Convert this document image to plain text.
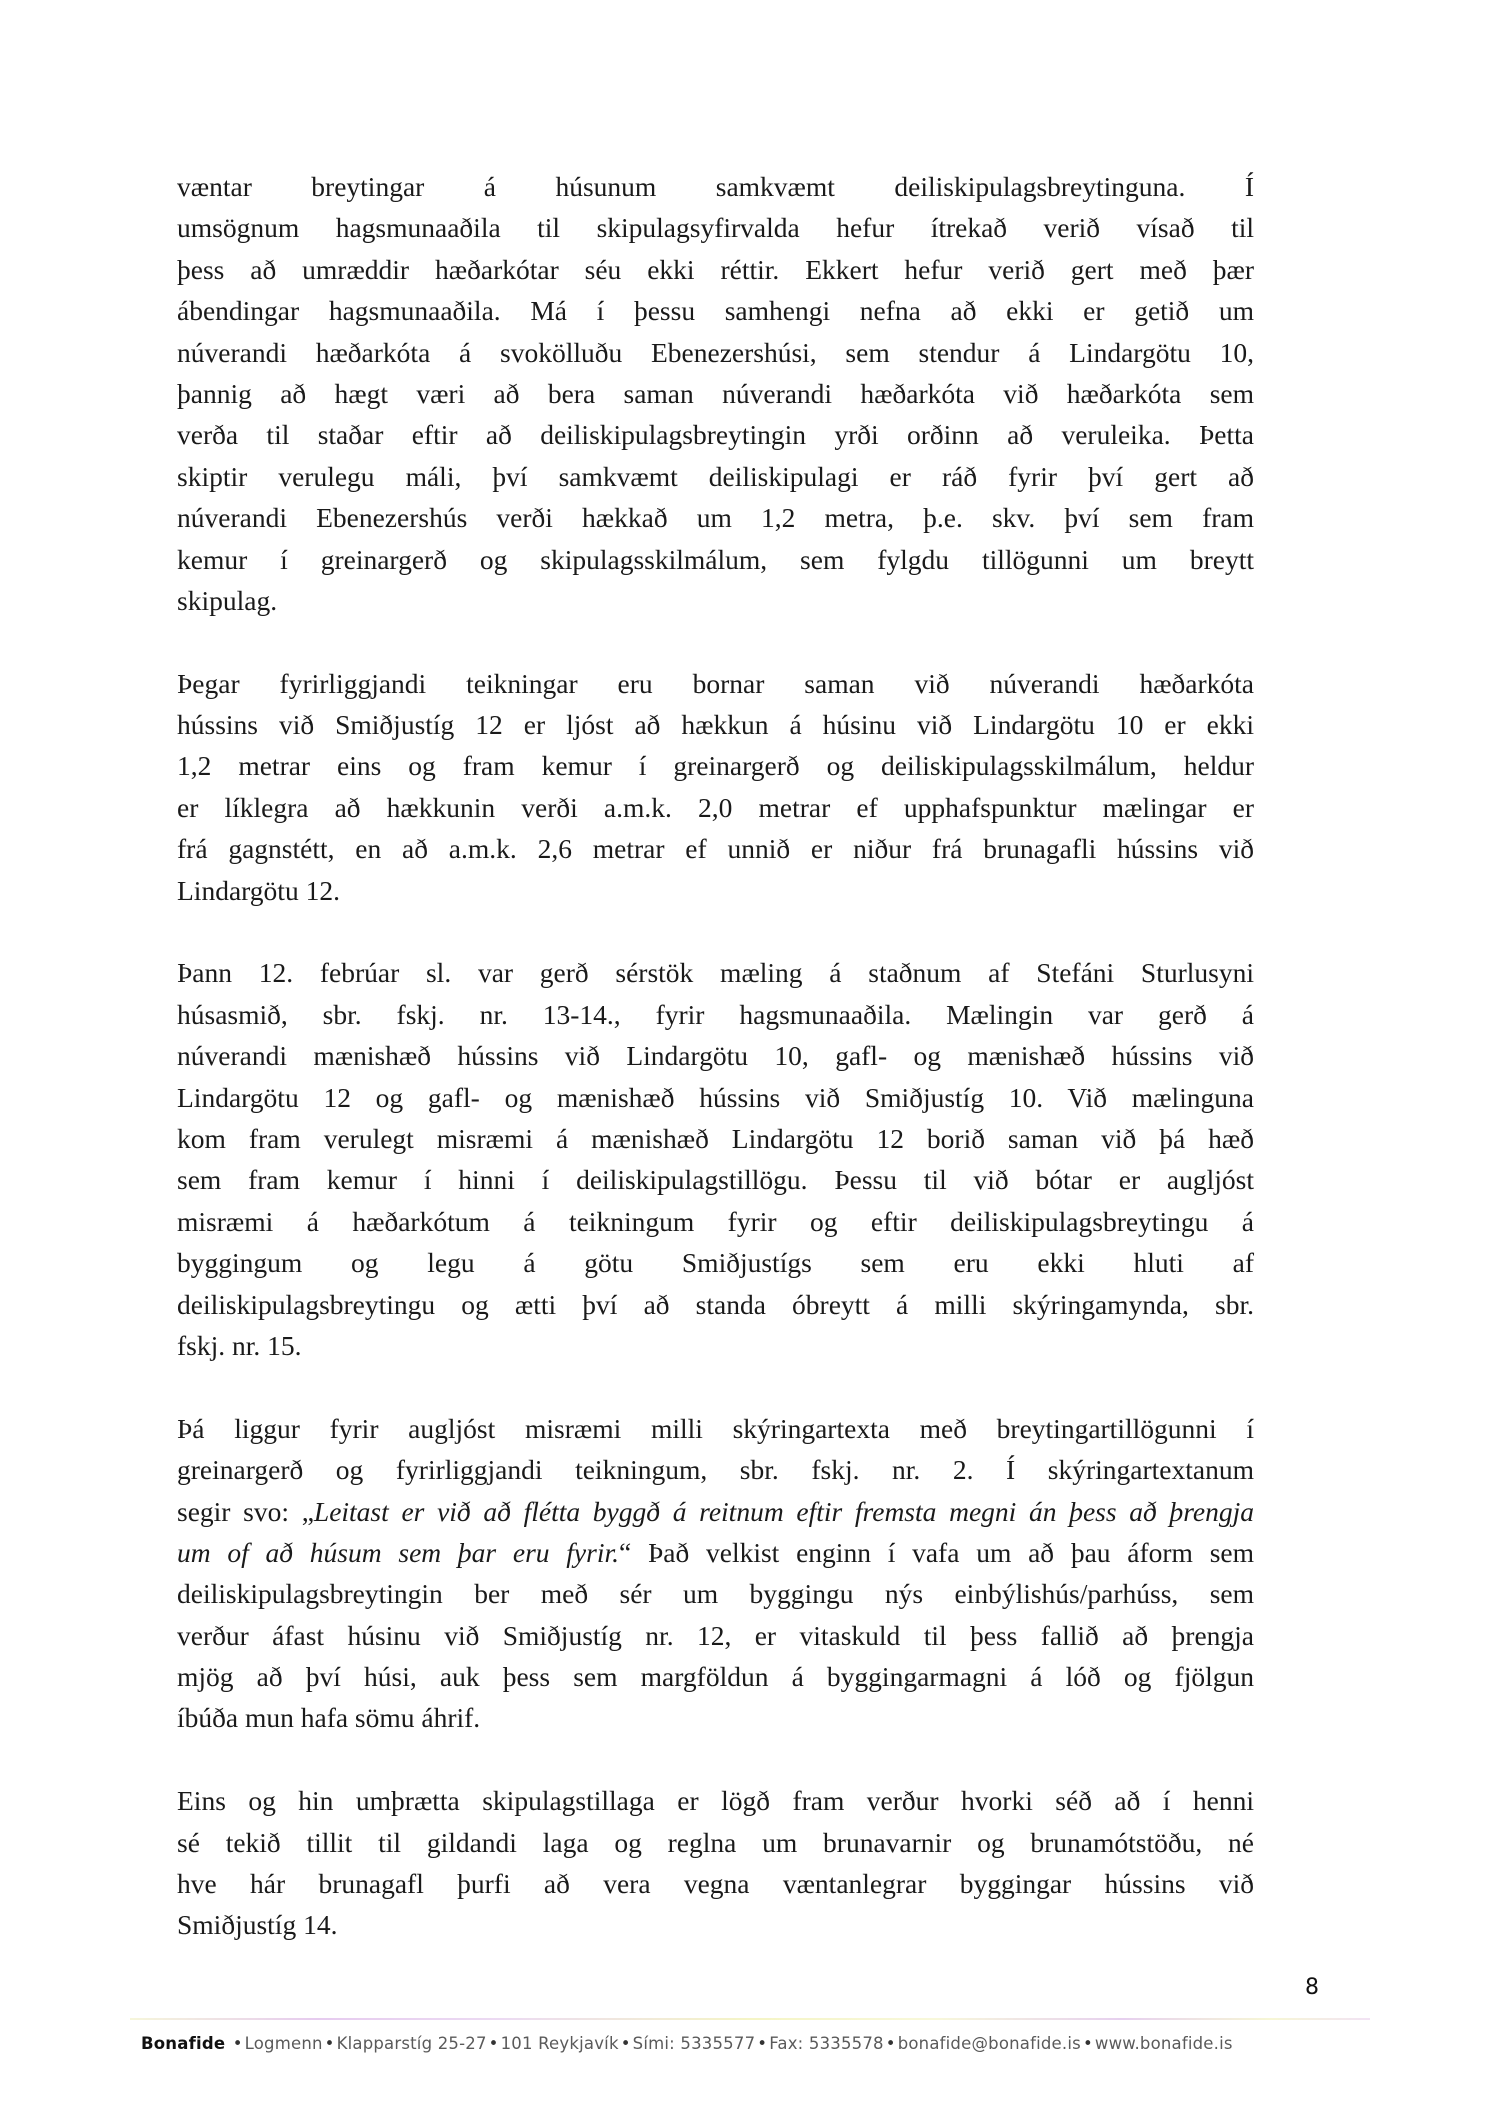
væntar breytingar á húsunum samkvæmt deiliskipulagsbreytinguna. Í
umsögnum hagsmunaaðila til skipulagsyfirvalda hefur ítrekað verið vísað til
þess að umræddir hæðarkótar séu ekki réttir. Ekkert hefur verið gert með þær
ábendingar hagsmunaaðila. Má í þessu samhengi nefna að ekki er getið um
núverandi hæðarkóta á svokölluðu Ebenezershúsi, sem stendur á Lindargötu 10,
þannig að hægt væri að bera saman núverandi hæðarkóta við hæðarkóta sem
verða til staðar eftir að deiliskipulagsbreytingin yrði orðinn að veruleika. Þetta
skiptir verulegu máli, því samkvæmt deiliskipulagi er ráð fyrir því gert að
núverandi Ebenezershús verði hækkað um 1,2 metra, þ.e. skv. því sem fram
kemur í greinargerð og skipulagsskilmálum, sem fylgdu tillögunni um breytt
skipulag.

Þegar fyrirliggjandi teikningar eru bornar saman við núverandi hæðarkóta
hússins við Smiðjustíg 12 er ljóst að hækkun á húsinu við Lindargötu 10 er ekki
1,2 metrar eins og fram kemur í greinargerð og deiliskipulagsskilmálum, heldur
er líklegra að hækkunin verði a.m.k. 2,0 metrar ef upphafspunktur mælingar er
frá gagnstétt, en að a.m.k. 2,6 metrar ef unnið er niður frá brunagafli hússins við
Lindargötu 12.

Þann 12. febrúar sl. var gerð sérstök mæling á staðnum af Stefáni Sturlusyni
húsasmið, sbr. fskj. nr. 13-14., fyrir hagsmunaaðila. Mælingin var gerð á
núverandi mænishæð hússins við Lindargötu 10, gafl- og mænishæð hússins við
Lindargötu 12 og gafl- og mænishæð hússins við Smiðjustíg 10. Við mælinguna
kom fram verulegt misræmi á mænishæð Lindargötu 12 borið saman við þá hæð
sem fram kemur í hinni í deiliskipulagstillögu. Þessu til við bótar er augljóst
misræmi á hæðarkótum á teikningum fyrir og eftir deiliskipulagsbreytingu á
byggingum og legu á götu Smiðjustígs sem eru ekki hluti af
deiliskipulagsbreytingu og ætti því að standa óbreytt á milli skýringamynda, sbr.
fskj. nr. 15.

Þá liggur fyrir augljóst misræmi milli skýringartexta með breytingartillögunni í
greinargerð og fyrirliggjandi teikningum, sbr. fskj. nr. 2. Í skýringartextanum
segir svo: „Leitast er við að flétta byggð á reitnum eftir fremsta megni án þess að þrengja
um of að húsum sem þar eru fyrir.“ Það velkist enginn í vafa um að þau áform sem
deiliskipulagsbreytingin ber með sér um byggingu nýs einbýlishús/parhúss, sem
verður áfast húsinu við Smiðjustíg nr. 12, er vitaskuld til þess fallið að þrengja
mjög að því húsi, auk þess sem margföldun á byggingarmagni á lóð og fjölgun
íbúða mun hafa sömu áhrif.

Eins og hin umþrætta skipulagstillaga er lögð fram verður hvorki séð að í henni
sé tekið tillit til gildandi laga og reglna um brunavarnir og brunamótstöðu, né
hve hár brunagafl þurfi að vera vegna væntanlegrar byggingar hússins við
Smiðjustíg 14.

8
Bonafide • Logmenn • Klapparstíg 25-27 • 101 Reykjavík • Sími: 5335577 • Fax: 5335578 • bonafide@bonafide.is • www.bonafide.is
